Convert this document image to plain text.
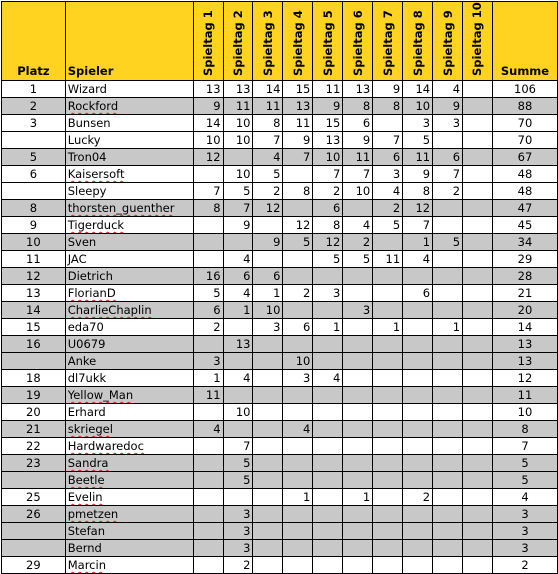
Platz	Spieler	Spieltag 1	Spieltag 2	Spieltag 3	Spieltag 4	Spieltag 5	Spieltag 6	Spieltag 7	Spieltag 8	Spieltag 9	Spieltag 10	Summe
1	Wizard	13	13	14	15	11	13	9	14	4		106
2	Rockford	9	11	11	13	9	8	8	10	9		88
3	Bunsen	14	10	8	11	15	6		3	3		70
	Lucky	10	10	7	9	13	9	7	5			70
5	Tron04	12		4	7	10	11	6	11	6		67
6	Kaisersoft		10	5		7	7	3	9	7		48
	Sleepy	7	5	2	8	2	10	4	8	2		48
8	thorsten_guenther	8	7	12		6		2	12			47
9	Tigerduck		9		12	8	4	5	7			45
10	Sven			9	5	12	2		1	5		34
11	JAC		4			5	5	11	4			29
12	Dietrich	16	6	6								28
13	FlorianD	5	4	1	2	3			6			21
14	CharlieChaplin	6	1	10			3					20
15	eda70	2		3	6	1		1		1		14
16	U0679		13									13
	Anke	3			10							13
18	dl7ukk	1	4		3	4						12
19	Yellow_Man	11										11
20	Erhard		10									10
21	skriegel	4			4							8
22	Hardwaredoc		7									7
23	Sandra		5									5
	Beetle		5									5
25	Evelin				1		1		2			4
26	pmetzen		3									3
	Stefan		3									3
	Bernd		3									3
29	Marcin		2									2
